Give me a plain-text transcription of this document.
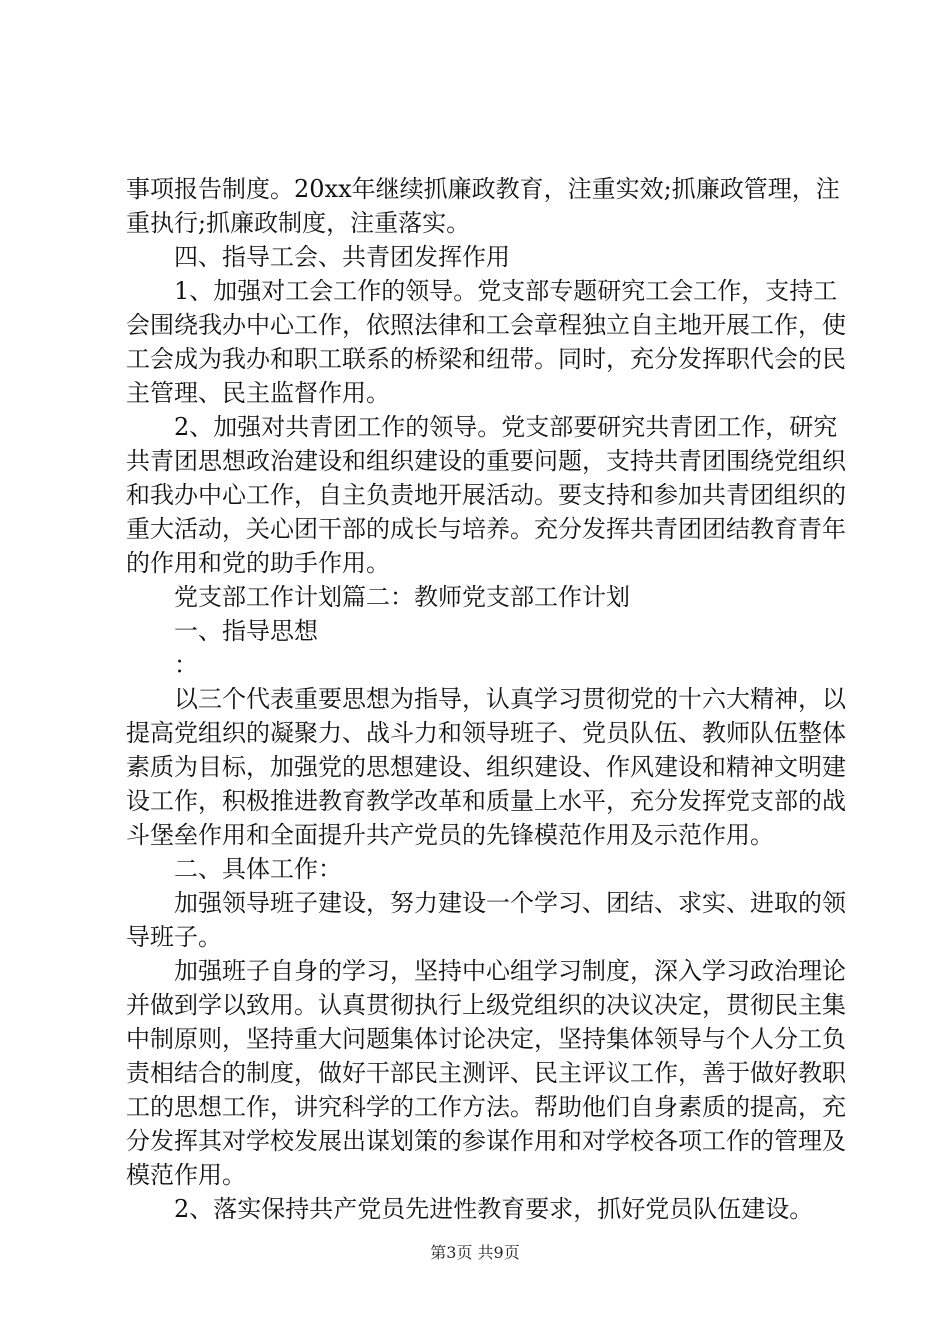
事项报告制度。20xx年继续抓廉政教育，注重实效;抓廉政管理，注重执行;抓廉政制度，注重落实。

四、指导工会、共青团发挥作用

1、加强对工会工作的领导。党支部专题研究工会工作，支持工会围绕我办中心工作，依照法律和工会章程独立自主地开展工作，使工会成为我办和职工联系的桥梁和纽带。同时，充分发挥职代会的民主管理、民主监督作用。

2、加强对共青团工作的领导。党支部要研究共青团工作，研究共青团思想政治建设和组织建设的重要问题，支持共青团围绕党组织和我办中心工作，自主负责地开展活动。要支持和参加共青团组织的重大活动，关心团干部的成长与培养。充分发挥共青团团结教育青年的作用和党的助手作用。

党支部工作计划篇二：教师党支部工作计划

一、指导思想

：

以三个代表重要思想为指导，认真学习贯彻党的十六大精神，以提高党组织的凝聚力、战斗力和领导班子、党员队伍、教师队伍整体素质为目标，加强党的思想建设、组织建设、作风建设和精神文明建设工作，积极推进教育教学改革和质量上水平，充分发挥党支部的战斗堡垒作用和全面提升共产党员的先锋模范作用及示范作用。

二、具体工作：

加强领导班子建设，努力建设一个学习、团结、求实、进取的领导班子。

加强班子自身的学习，坚持中心组学习制度，深入学习政治理论并做到学以致用。认真贯彻执行上级党组织的决议决定，贯彻民主集中制原则，坚持重大问题集体讨论决定，坚持集体领导与个人分工负责相结合的制度，做好干部民主测评、民主评议工作，善于做好教职工的思想工作，讲究科学的工作方法。帮助他们自身素质的提高，充分发挥其对学校发展出谋划策的参谋作用和对学校各项工作的管理及模范作用。

2、落实保持共产党员先进性教育要求，抓好党员队伍建设。

第3页 共9页
